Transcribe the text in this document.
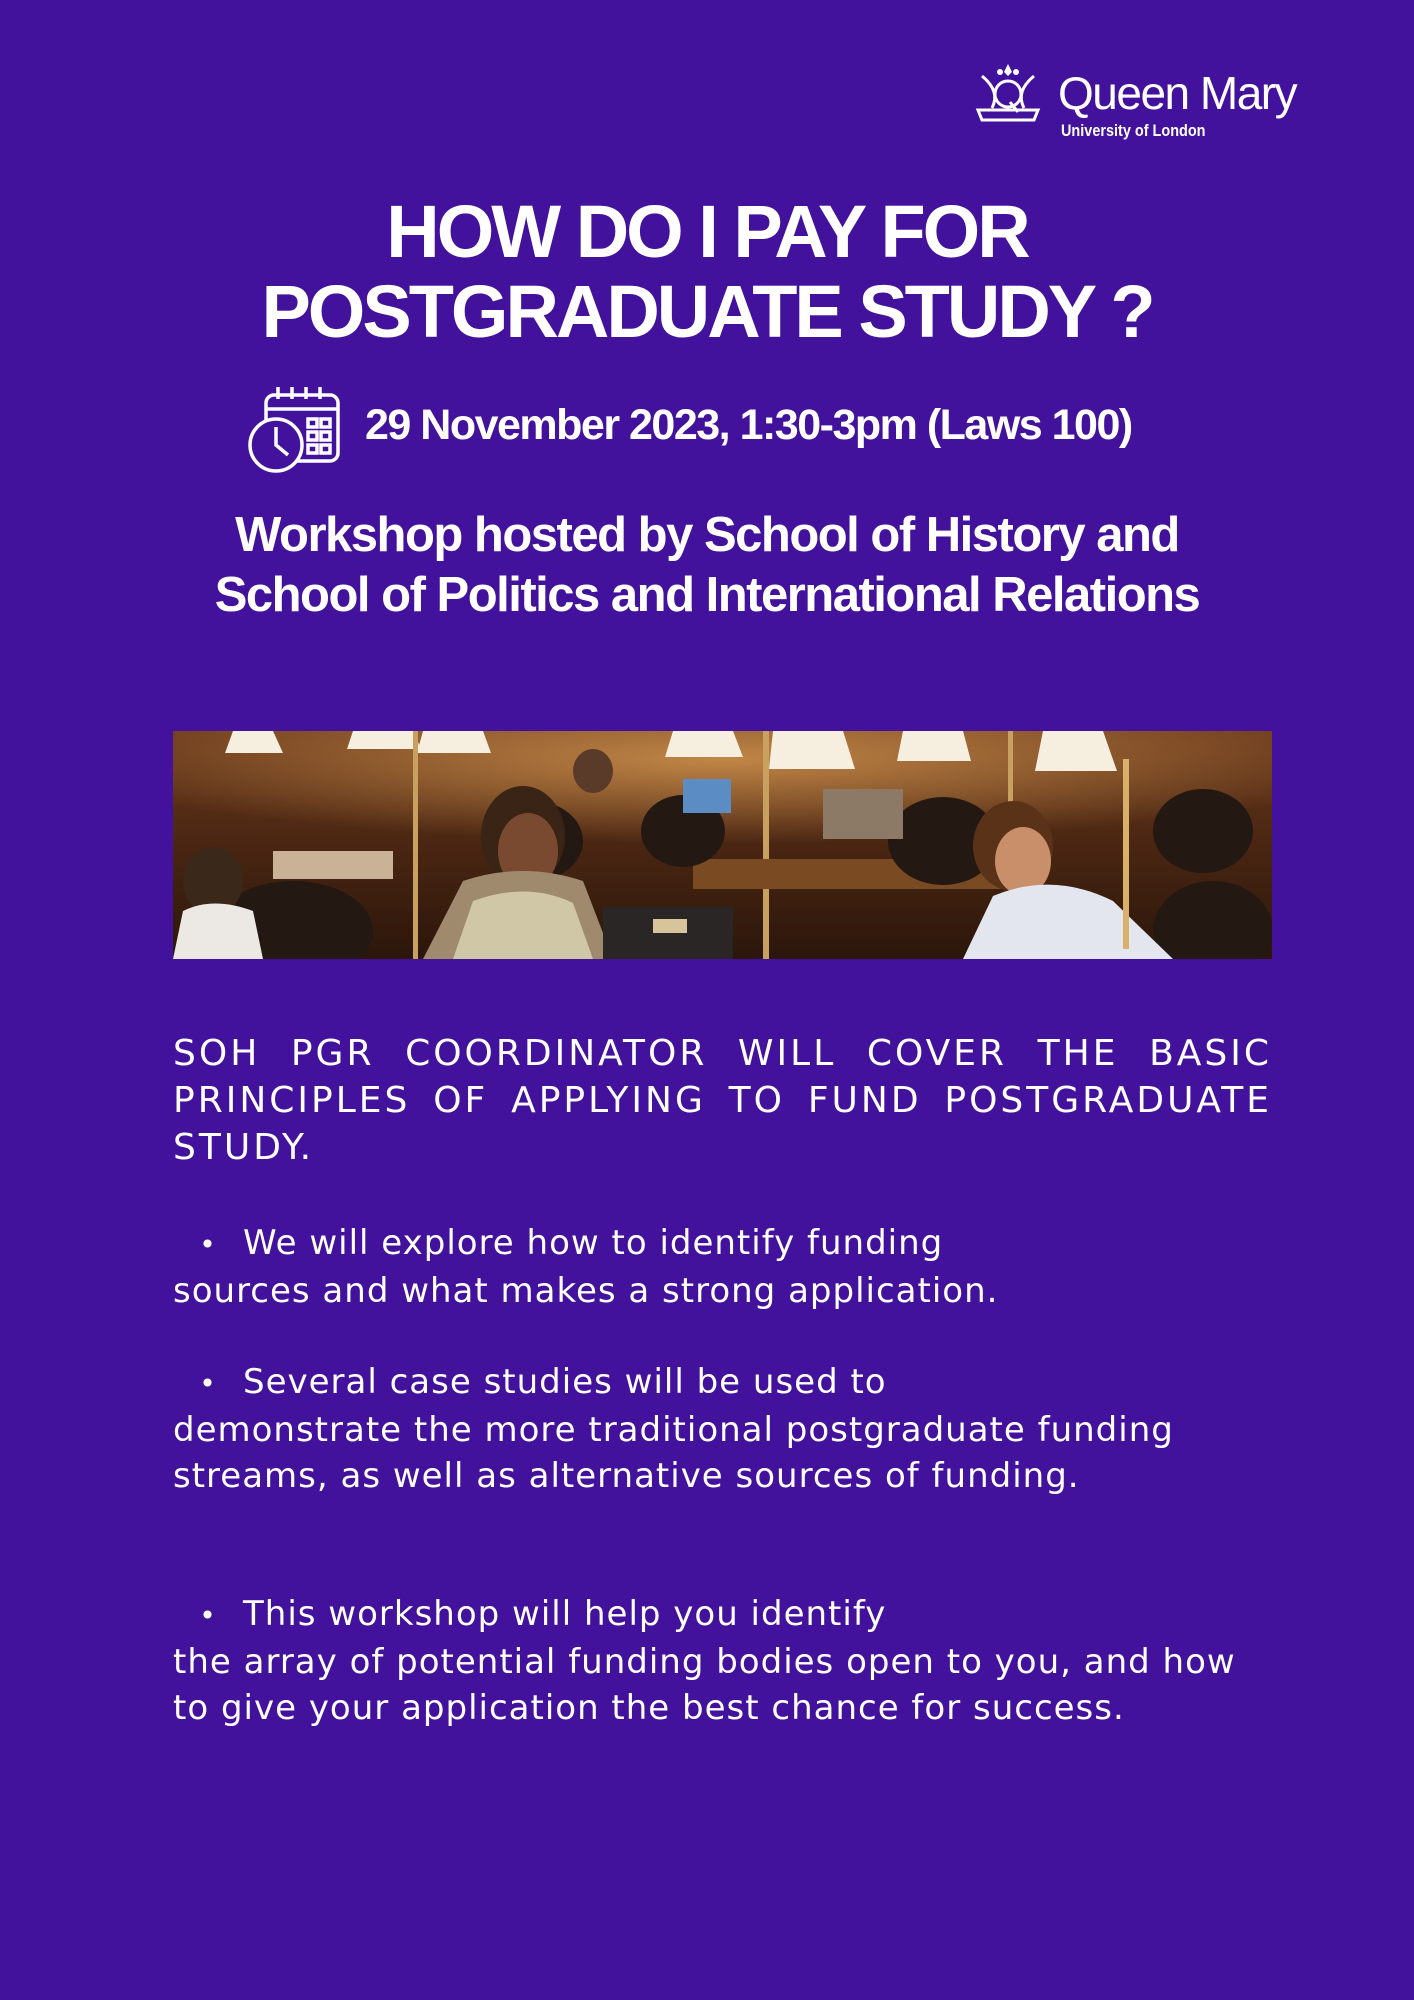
Queen Mary
University of London
HOW DO I PAY FOR
POSTGRADUATE STUDY ?
29 November 2023, 1:30-3pm (Laws 100)
Workshop hosted by School of History and
School of Politics and International Relations
SOH PGR COORDINATOR WILL COVER THE BASIC PRINCIPLES OF APPLYING TO FUND POSTGRADUATE STUDY.
• We will explore how to identify funding
sources and what makes a strong application.
• Several case studies will be used to
demonstrate the more traditional postgraduate funding streams, as well as alternative sources of funding.
• This workshop will help you identify
the array of potential funding bodies open to you, and how to give your application the best chance for success.
